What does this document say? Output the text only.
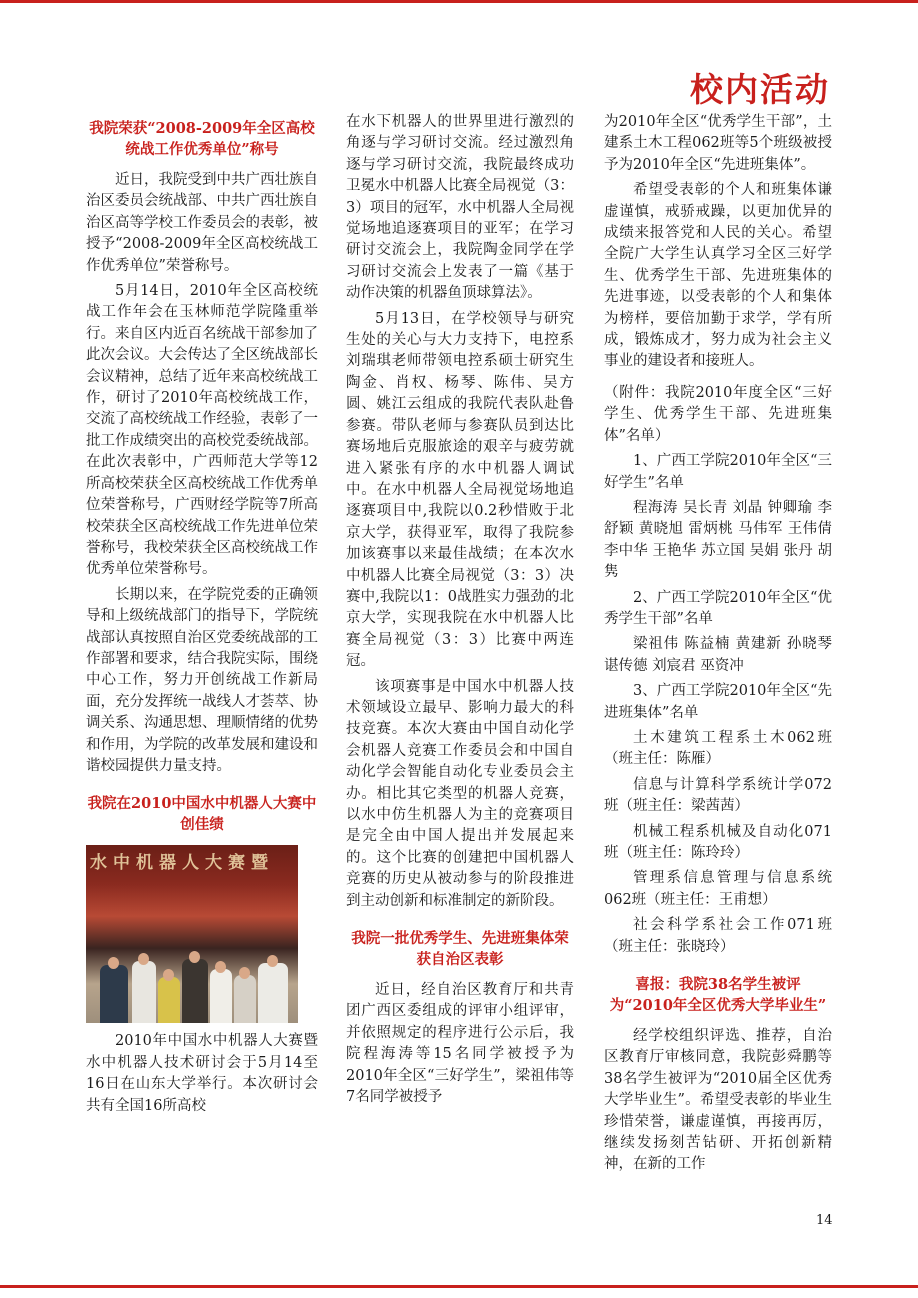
校内活动
我院荣获“2008-2009年全区高校统战工作优秀单位”称号

近日，我院受到中共广西壮族自治区委员会统战部、中共广西壮族自治区高等学校工作委员会的表彰，被授予“2008-2009年全区高校统战工作优秀单位”荣誉称号。

5月14日，2010年全区高校统战工作年会在玉林师范学院隆重举行。来自区内近百名统战干部参加了此次会议。大会传达了全区统战部长会议精神，总结了近年来高校统战工作，研讨了2010年高校统战工作，交流了高校统战工作经验，表彰了一批工作成绩突出的高校党委统战部。在此次表彰中，广西师范大学等12所高校荣获全区高校统战工作优秀单位荣誉称号，广西财经学院等7所高校荣获全区高校统战工作先进单位荣誉称号，我校荣获全区高校统战工作优秀单位荣誉称号。

长期以来，在学院党委的正确领导和上级统战部门的指导下，学院统战部认真按照自治区党委统战部的工作部署和要求，结合我院实际，围绕中心工作，努力开创统战工作新局面，充分发挥统一战线人才荟萃、协调关系、沟通思想、理顺情绪的优势和作用，为学院的改革发展和建设和谐校园提供力量支持。

我院在2010中国水中机器人大赛中创佳绩
水中机器人大赛暨

2010年中国水中机器人大赛暨水中机器人技术研讨会于5月14至16日在山东大学举行。本次研讨会共有全国16所高校

在水下机器人的世界里进行激烈的角逐与学习研讨交流。经过激烈角逐与学习研讨交流，我院最终成功卫冕水中机器人比赛全局视觉（3：3）项目的冠军，水中机器人全局视觉场地追逐赛项目的亚军；在学习研讨交流会上，我院陶金同学在学习研讨交流会上发表了一篇《基于动作决策的机器鱼顶球算法》。

5月13日，在学校领导与研究生处的关心与大力支持下，电控系刘瑞琪老师带领电控系硕士研究生陶金、肖权、杨琴、陈伟、吴方圆、姚江云组成的我院代表队赴鲁参赛。带队老师与参赛队员到达比赛场地后克服旅途的艰辛与疲劳就进入紧张有序的水中机器人调试中。在水中机器人全局视觉场地追逐赛项目中,我院以0.2秒惜败于北京大学，获得亚军，取得了我院参加该赛事以来最佳战绩；在本次水中机器人比赛全局视觉（3：3）决赛中,我院以1：0战胜实力强劲的北京大学，实现我院在水中机器人比赛全局视觉（3：3）比赛中两连冠。

该项赛事是中国水中机器人技术领域设立最早、影响力最大的科技竞赛。本次大赛由中国自动化学会机器人竞赛工作委员会和中国自动化学会智能自动化专业委员会主办。相比其它类型的机器人竞赛，以水中仿生机器人为主的竞赛项目是完全由中国人提出并发展起来的。这个比赛的创建把中国机器人竞赛的历史从被动参与的阶段推进到主动创新和标准制定的新阶段。

我院一批优秀学生、先进班集体荣获自治区表彰

近日，经自治区教育厅和共青团广西区委组成的评审小组评审，并依照规定的程序进行公示后，我院程海涛等15名同学被授予为2010年全区“三好学生”，梁祖伟等7名同学被授予

为2010年全区“优秀学生干部”，土建系土木工程062班等5个班级被授予为2010年全区“先进班集体”。

希望受表彰的个人和班集体谦虚谨慎，戒骄戒躁，以更加优异的成绩来报答党和人民的关心。希望全院广大学生认真学习全区三好学生、优秀学生干部、先进班集体的先进事迹，以受表彰的个人和集体为榜样，要倍加勤于求学，学有所成，锻炼成才，努力成为社会主义事业的建设者和接班人。

（附件：我院2010年度全区“三好学生、优秀学生干部、先进班集体”名单）

1、广西工学院2010年全区“三好学生”名单

程海涛 吴长青 刘晶 钟卿瑜 李舒颖 黄晓旭 雷炳桃 马伟军 王伟倩 李中华 王艳华 苏立国 吴娟 张丹 胡隽

2、广西工学院2010年全区“优秀学生干部”名单

梁祖伟 陈益楠 黄建新 孙晓琴 谌传德 刘宸君 巫资冲

3、广西工学院2010年全区“先进班集体”名单

土木建筑工程系土木062班（班主任：陈雁）

信息与计算科学系统计学072班（班主任：梁茜茜）

机械工程系机械及自动化071班（班主任：陈玲玲）

管理系信息管理与信息系统062班（班主任：王甫想）

社会科学系社会工作071班（班主任：张晓玲）

喜报：我院38名学生被评为“2010年全区优秀大学毕业生”

经学校组织评选、推荐，自治区教育厅审核同意，我院彭舜鹏等38名学生被评为“2010届全区优秀大学毕业生”。希望受表彰的毕业生珍惜荣誉，谦虚谨慎，再接再厉，继续发扬刻苦钻研、开拓创新精神，在新的工作

14
